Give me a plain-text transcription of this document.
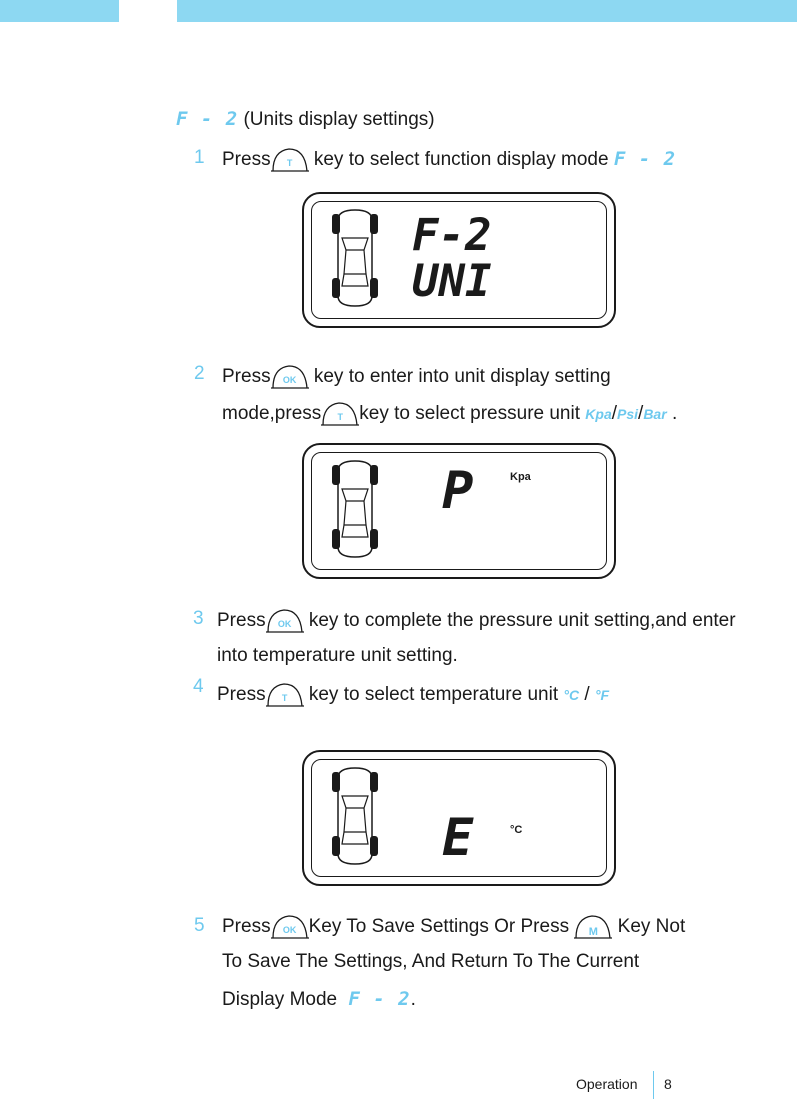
F - 2 (Units display settings)
1 Press	T	key to select function display mode F - 2
F-2
UNI
2 Press	OK key to enter into unit display setting
mode,press	T key to select pressure unit Kpa/Psi/Bar .
P	Kpa
3 Press	OK key to complete the pressure unit setting,and enter
into temperature unit setting.
4 Press	T	key to select temperature unit °C / °F
E	°C
5 Press	OK Key To Save Settings Or Press	M	Key Not
To Save The Settings, And Return To The Current
Display Mode F - 2.
Operation 8
